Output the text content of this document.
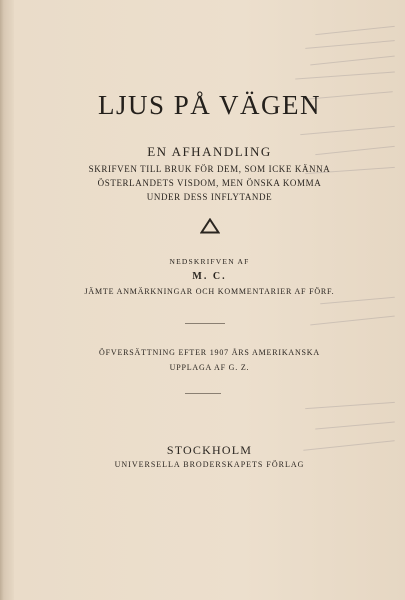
LJUS PÅ VÄGEN
EN AFHANDLING
SKRIFVEN TILL BRUK FÖR DEM, SOM ICKE KÄNNA
ÖSTERLANDETS VISDOM, MEN ÖNSKA KOMMA
UNDER DESS INFLYTANDE
NEDSKRIFVEN AF
M. C.
JÄMTE ANMÄRKNINGAR OCH KOMMENTARIER AF FÖRF.
ÖFVERSÄTTNING EFTER 1907 ÅRS AMERIKANSKA
UPPLAGA AF G. Z.
STOCKHOLM
UNIVERSELLA BRODERSKAPETS FÖRLAG
